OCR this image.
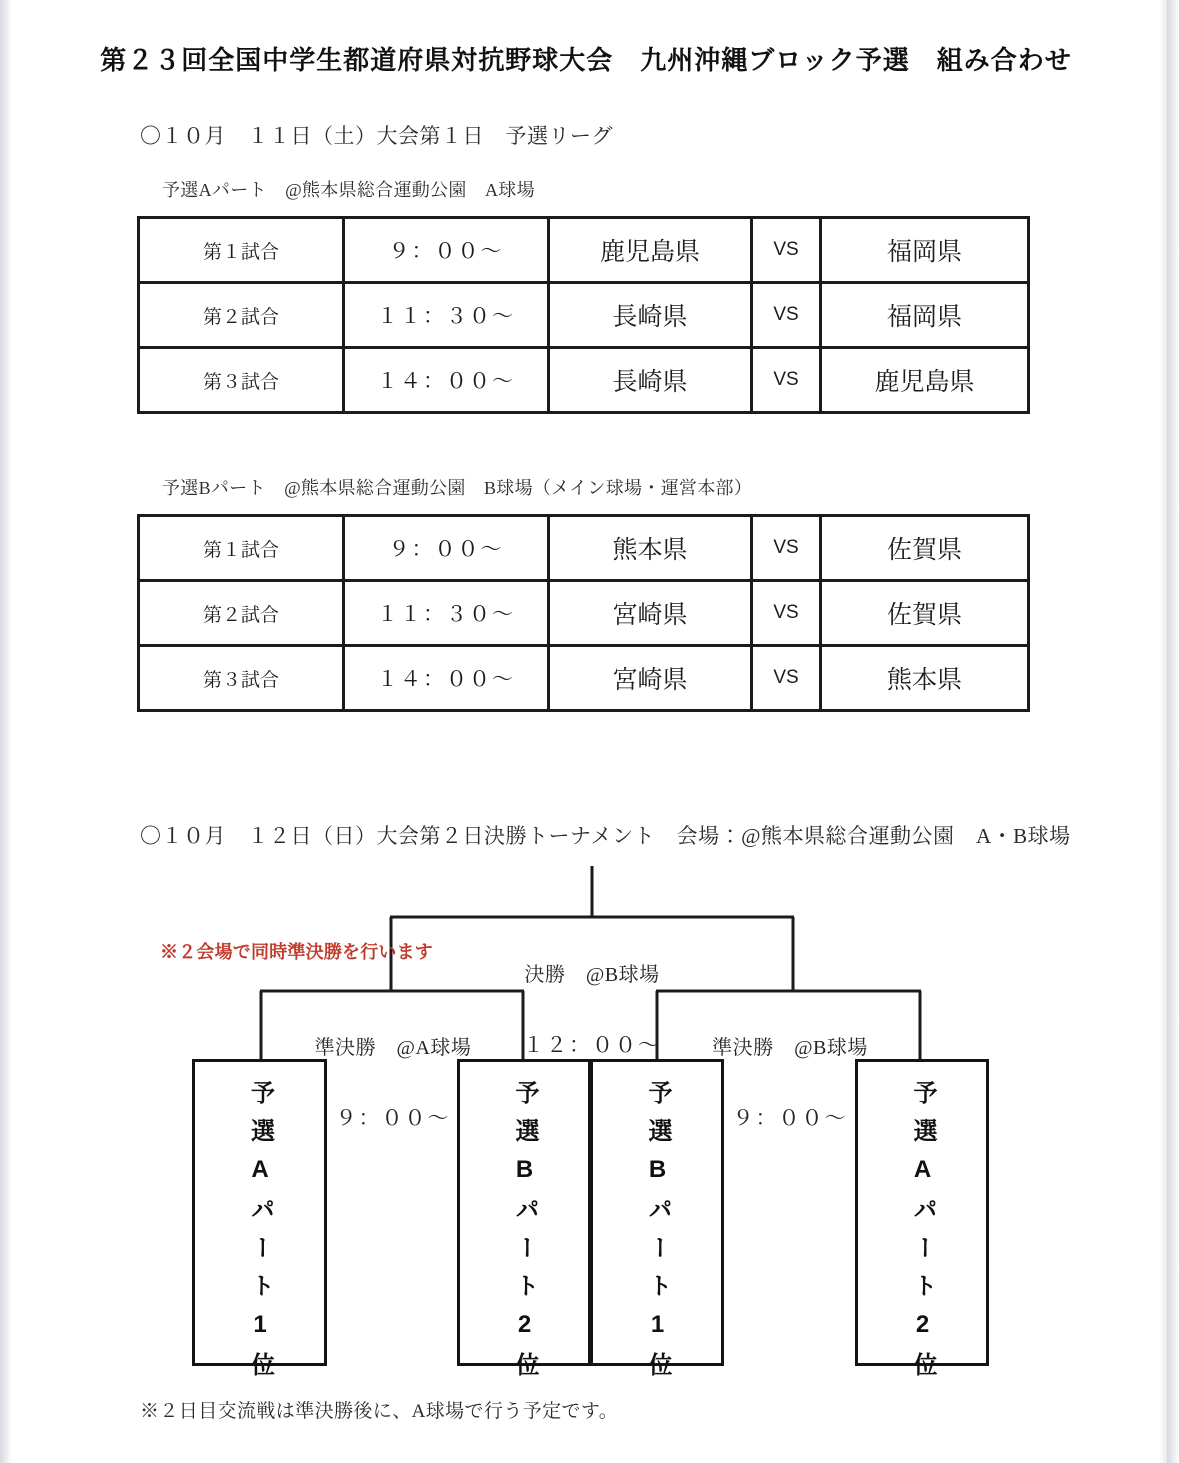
第２３回全国中学生都道府県対抗野球大会　九州沖縄ブロック予選　組み合わせ
〇１０月　１１日（土）大会第１日　予選リーグ
予選Aパート　@熊本県総合運動公園　A球場
第１試合	９：００〜	鹿児島県	VS	福岡県
第２試合	１１：３０〜	長崎県	VS	福岡県
第３試合	１４：００〜	長崎県	VS	鹿児島県
予選Bパート　@熊本県総合運動公園　B球場（メイン球場・運営本部）
第１試合	９：００〜	熊本県	VS	佐賀県
第２試合	１１：３０〜	宮崎県	VS	佐賀県
第３試合	１４：００〜	宮崎県	VS	熊本県
〇１０月　１２日（日）大会第２日決勝トーナメント　会場：@熊本県総合運動公園　A・B球場
※２会場で同時準決勝を行います

決勝　@B球場

１２：００〜

準決勝　@A球場

９：００〜

準決勝　@B球場

９：００〜

予選Aパート1位	予選Bパート2位	予選Bパート1位	予選Aパート2位
※２日目交流戦は準決勝後に、A球場で行う予定です。
